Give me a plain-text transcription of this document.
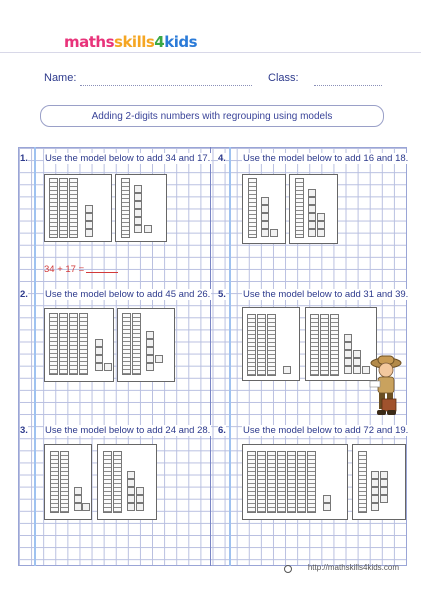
mathsskills4kids
Name:	Class:
Adding 2-digits numbers with regrouping using models
1. Use the model below to add 34 and 17.
34 + 17 =
4. Use the model below to add 16 and 18.
2. Use the model below to add 45 and 26. 5. Use the model below to add 31 and 39.
3. Use the model below to add 24 and 28. 6. Use the model below to add 72 and 19.
http://mathskills4kids.com
